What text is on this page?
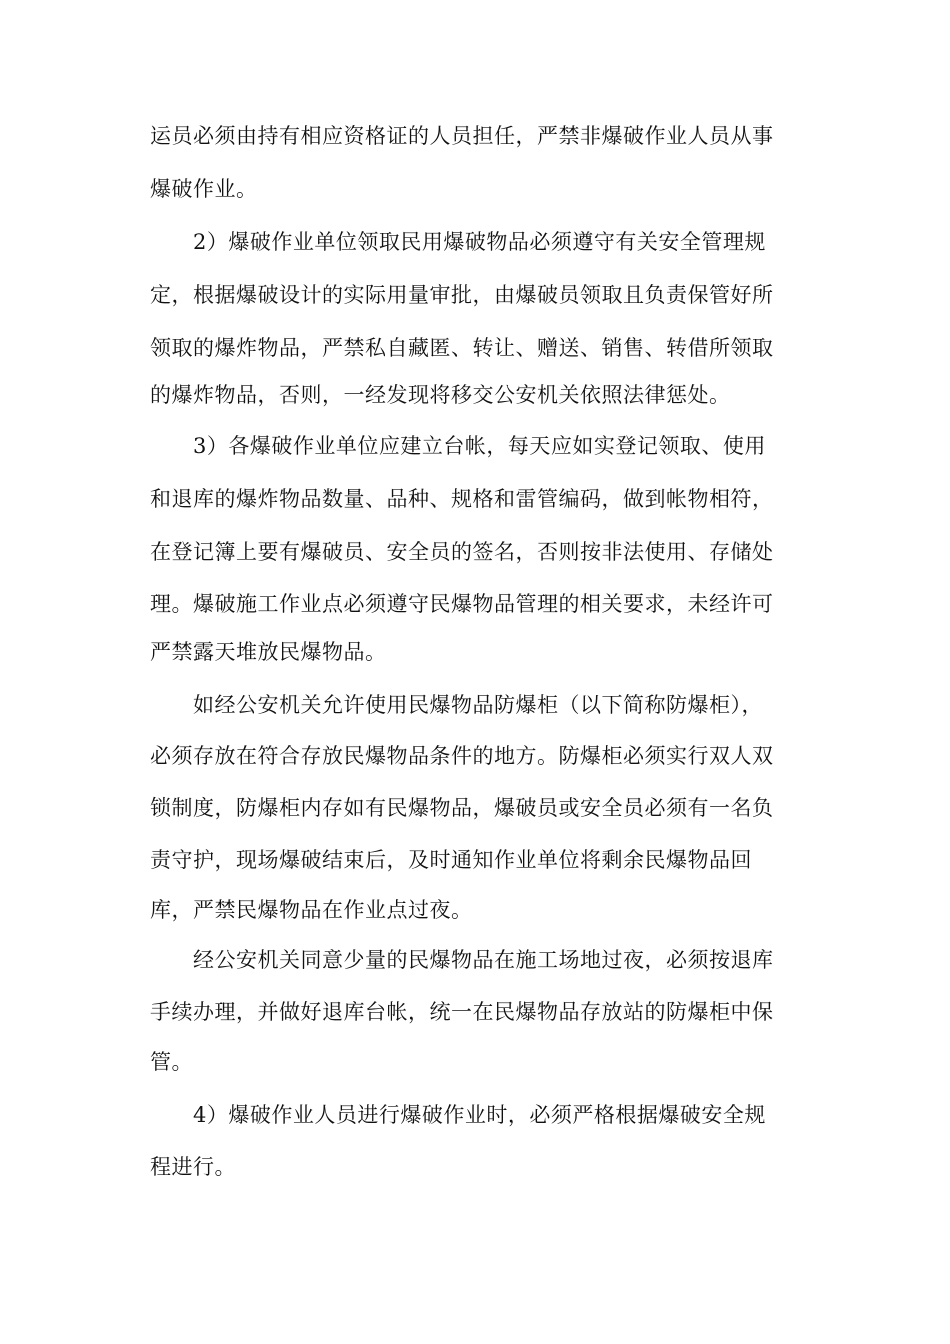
运员必须由持有相应资格证的人员担任，严禁非爆破作业人员从事
爆破作业。
2）爆破作业单位领取民用爆破物品必须遵守有关安全管理规
定，根据爆破设计的实际用量审批，由爆破员领取且负责保管好所
领取的爆炸物品，严禁私自藏匿、转让、赠送、销售、转借所领取
的爆炸物品，否则，一经发现将移交公安机关依照法律惩处。
3）各爆破作业单位应建立台帐，每天应如实登记领取、使用
和退库的爆炸物品数量、品种、规格和雷管编码，做到帐物相符，
在登记簿上要有爆破员、安全员的签名，否则按非法使用、存储处
理。爆破施工作业点必须遵守民爆物品管理的相关要求，未经许可
严禁露天堆放民爆物品。
如经公安机关允许使用民爆物品防爆柜（以下简称防爆柜），
必须存放在符合存放民爆物品条件的地方。防爆柜必须实行双人双
锁制度，防爆柜内存如有民爆物品，爆破员或安全员必须有一名负
责守护，现场爆破结束后，及时通知作业单位将剩余民爆物品回
库，严禁民爆物品在作业点过夜。
经公安机关同意少量的民爆物品在施工场地过夜，必须按退库
手续办理，并做好退库台帐，统一在民爆物品存放站的防爆柜中保
管。
4）爆破作业人员进行爆破作业时，必须严格根据爆破安全规
程进行。
